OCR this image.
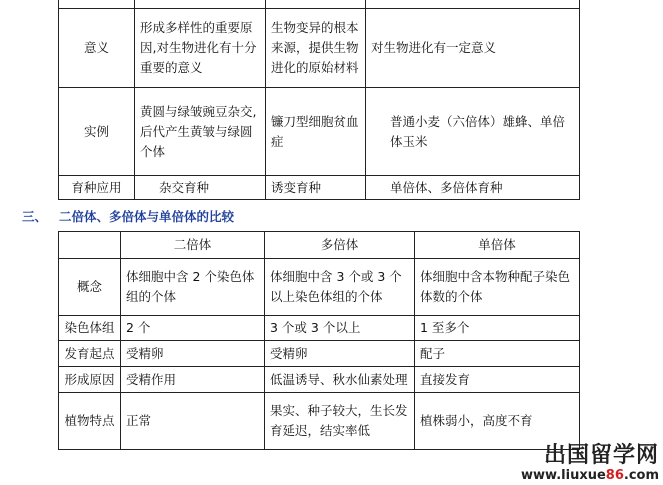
意义	形成多样性的重要原因,对生物进化有十分重要的意义	生物变异的根本来源，提供生物进化的原始材料	对生物进化有一定意义
实例	黄圆与绿皱豌豆杂交,后代产生黄皱与绿圆个体	镰刀型细胞贫血症	普通小麦（六倍体）雄蜂、单倍体玉米
育种应用	杂交育种	诱变育种	单倍体、多倍体育种
三、 二倍体、多倍体与单倍体的比较
	二倍体	多倍体	单倍体
概念	体细胞中含 2 个染色体组的个体	体细胞中含 3 个或 3 个以上染色体组的个体	体细胞中含本物种配子染色体数的个体
染色体组	2 个	3 个或 3 个以上	1 至多个
发育起点	受精卵	受精卵	配子
形成原因	受精作用	低温诱导、秋水仙素处理	直接发育
植物特点	正常	果实、种子较大，生长发育延迟，结实率低	植株弱小，高度不育
出国留学网
www.liuxue86.com
